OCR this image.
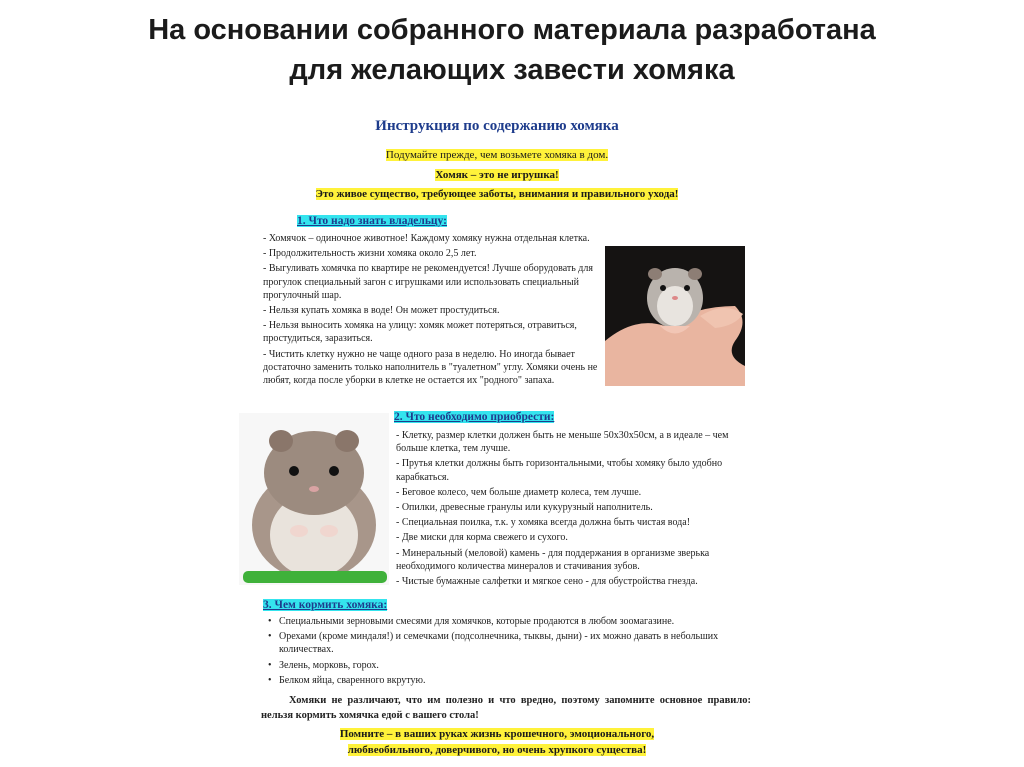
На основании собранного материала разработана
для желающих завести хомяка
Инструкция по содержанию хомяка
Подумайте прежде, чем возьмете хомяка в дом.
Хомяк – это не игрушка!
Это живое существо, требующее заботы, внимания и правильного ухода!
1. Что надо знать владельцу:
- Хомячок – одиночное животное! Каждому хомяку нужна отдельная клетка.
- Продолжительность жизни хомяка около 2,5 лет.
- Выгуливать хомячка по квартире не рекомендуется! Лучше оборудовать для прогулок специальный загон с игрушками или использовать специальный прогулочный шар.
- Нельзя купать хомяка в воде! Он может простудиться.
- Нельзя выносить хомяка на улицу: хомяк может потеряться, отравиться, простудиться, заразиться.
- Чистить клетку нужно не чаще одного раза в неделю. Но иногда бывает достаточно заменить только наполнитель в "туалетном" углу. Хомяки очень не любят, когда после уборки в клетке не остается их "родного" запаха.
2. Что необходимо приобрести:
- Клетку, размер клетки должен быть не меньше 50x30x50см, а в идеале – чем больше клетка, тем лучше.
- Прутья клетки должны быть горизонтальными, чтобы хомяку было удобно карабкаться.
- Беговое колесо, чем больше диаметр колеса, тем лучше.
- Опилки, древесные гранулы или кукурузный наполнитель.
- Специальная поилка, т.к. у хомяка всегда должна быть чистая вода!
- Две миски для корма свежего и сухого.
- Минеральный (меловой) камень - для поддержания в организме зверька необходимого количества минералов и стачивания зубов.
- Чистые бумажные салфетки и мягкое сено - для обустройства гнезда.
3. Чем кормить хомяка:
• Специальными зерновыми смесями для хомячков, которые продаются в любом зоомагазине.
• Орехами (кроме миндаля!) и семечками (подсолнечника, тыквы, дыни) - их можно давать в небольших количествах.
• Зелень, морковь, горох.
• Белком яйца, сваренного вкрутую.
Хомяки не различают, что им полезно и что вредно, поэтому запомните основное правило: нельзя кормить хомячка едой с вашего стола!
Помните – в ваших руках жизнь крошечного, эмоционального,
любвеобильного, доверчивого, но очень хрупкого существа!
